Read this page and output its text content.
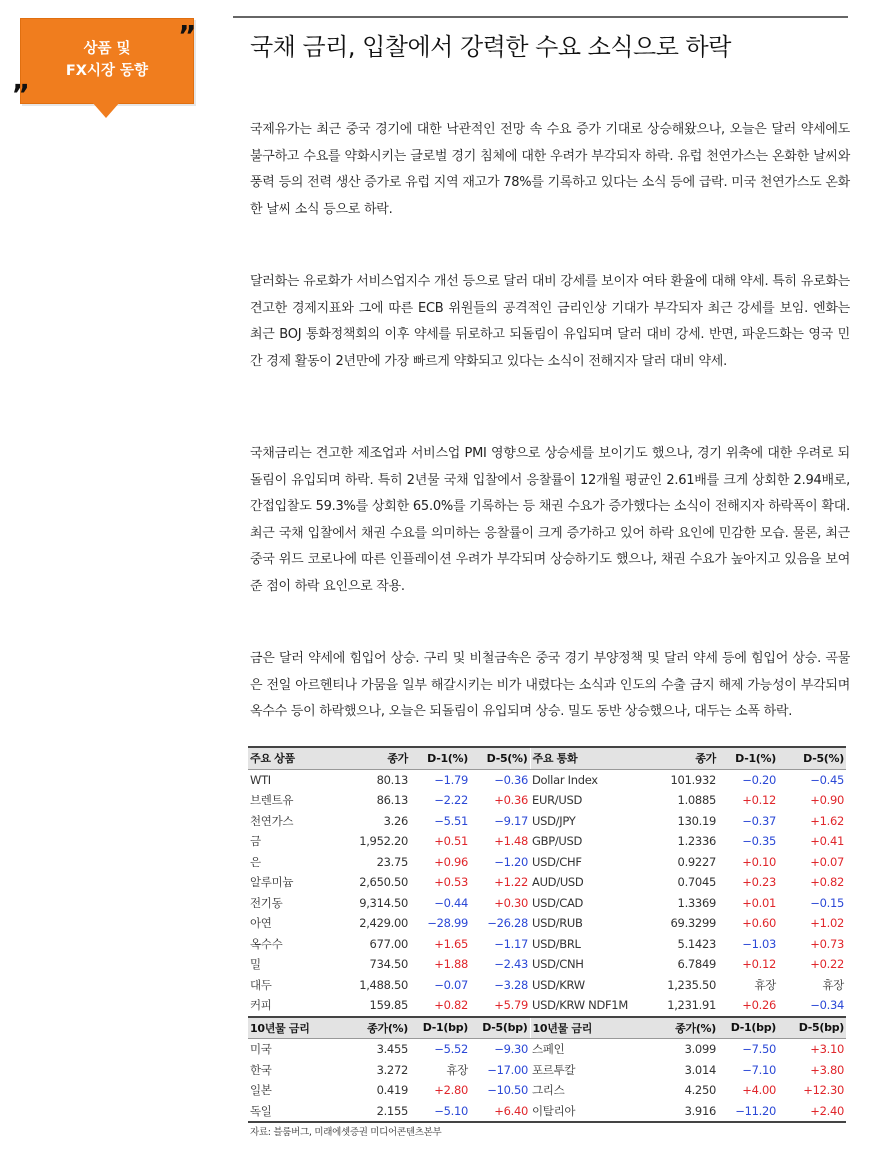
상품 및
FX시장 동향
„
” 국채 금리, 입찰에서 강력한 수요 소식으로 하락
국제유가는 최근 중국 경기에 대한 낙관적인 전망 속 수요 증가 기대로 상승해왔으나, 오늘은 달러 약세에도 불구하고 수요를 약화시키는 글로벌 경기 침체에 대한 우려가 부각되자 하락. 유럽 천연가스는 온화한 날씨와 풍력 등의 전력 생산 증가로 유럽 지역 재고가 78%를 기록하고 있다는 소식 등에 급락. 미국 천연가스도 온화한 날씨 소식 등으로 하락.
달러화는 유로화가 서비스업지수 개선 등으로 달러 대비 강세를 보이자 여타 환율에 대해 약세. 특히 유로화는 견고한 경제지표와 그에 따른 ECB 위원들의 공격적인 금리인상 기대가 부각되자 최근 강세를 보임. 엔화는 최근 BOJ 통화정책회의 이후 약세를 뒤로하고 되돌림이 유입되며 달러 대비 강세. 반면, 파운드화는 영국 민간 경제 활동이 2년만에 가장 빠르게 약화되고 있다는 소식이 전해지자 달러 대비 약세.
국채금리는 견고한 제조업과 서비스업 PMI 영향으로 상승세를 보이기도 했으나, 경기 위축에 대한 우려로 되돌림이 유입되며 하락. 특히 2년물 국채 입찰에서 응찰률이 12개월 평균인 2.61배를 크게 상회한 2.94배로, 간접입찰도 59.3%를 상회한 65.0%를 기록하는 등 채권 수요가 증가했다는 소식이 전해지자 하락폭이 확대. 최근 국채 입찰에서 채권 수요를 의미하는 응찰률이 크게 증가하고 있어 하락 요인에 민감한 모습. 물론, 최근 중국 위드 코로나에 따른 인플레이션 우려가 부각되며 상승하기도 했으나, 채권 수요가 높아지고 있음을 보여준 점이 하락 요인으로 작용.
금은 달러 약세에 힘입어 상승. 구리 및 비철금속은 중국 경기 부양정책 및 달러 약세 등에 힘입어 상승. 곡물은 전일 아르헨티나 가뭄을 일부 해갈시키는 비가 내렸다는 소식과 인도의 수출 금지 해제 가능성이 부각되며 옥수수 등이 하락했으나, 오늘은 되돌림이 유입되며 상승. 밀도 동반 상승했으나, 대두는 소폭 하락.
주요 상품	종가	D-1(%)	D-5(%)	주요 통화	종가	D-1(%)	D-5(%)
WTI	80.13	−1.79	−0.36	Dollar Index	101.932	−0.20	−0.45
브렌트유	86.13	−2.22	+0.36	EUR/USD	1.0885	+0.12	+0.90
천연가스	3.26	−5.51	−9.17	USD/JPY	130.19	−0.37	+1.62
금	1,952.20	+0.51	+1.48	GBP/USD	1.2336	−0.35	+0.41
은	23.75	+0.96	−1.20	USD/CHF	0.9227	+0.10	+0.07
알루미늄	2,650.50	+0.53	+1.22	AUD/USD	0.7045	+0.23	+0.82
전기동	9,314.50	−0.44	+0.30	USD/CAD	1.3369	+0.01	−0.15
아연	2,429.00	−28.99	−26.28	USD/RUB	69.3299	+0.60	+1.02
옥수수	677.00	+1.65	−1.17	USD/BRL	5.1423	−1.03	+0.73
밀	734.50	+1.88	−2.43	USD/CNH	6.7849	+0.12	+0.22
대두	1,488.50	−0.07	−3.28	USD/KRW	1,235.50	휴장	휴장
커피	159.85	+0.82	+5.79	USD/KRW NDF1M	1,231.91	+0.26	−0.34
10년물 금리	종가(%)	D-1(bp)	D-5(bp)	10년물 금리	종가(%)	D-1(bp)	D-5(bp)
미국	3.455	−5.52	−9.30	스페인	3.099	−7.50	+3.10
한국	3.272	휴장	−17.00	포르투칼	3.014	−7.10	+3.80
일본	0.419	+2.80	−10.50	그리스	4.250	+4.00	+12.30
독일	2.155	−5.10	+6.40	이탈리아	3.916	−11.20	+2.40
자료: 블룸버그, 미래에셋증권 미디어콘텐츠본부
